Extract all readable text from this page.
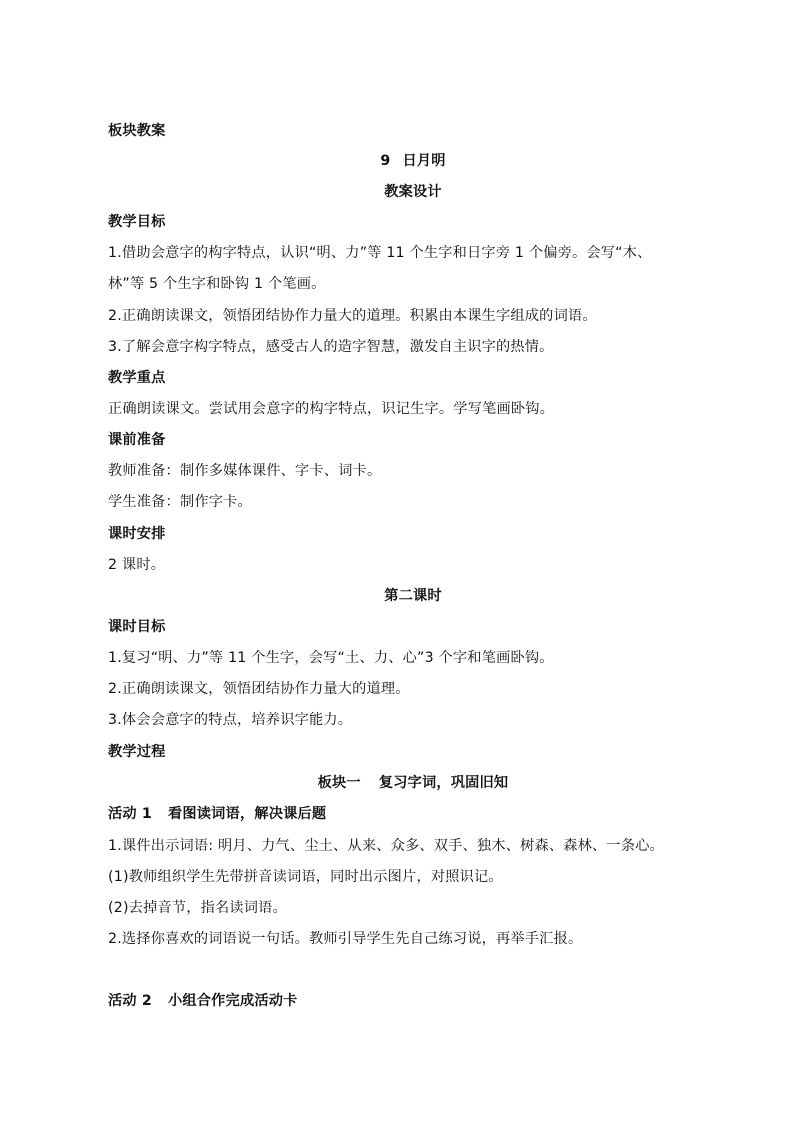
板块教案
9 日月明
教案设计
教学目标
1.借助会意字的构字特点，认识“明、力”等 11 个生字和日字旁 1 个偏旁。会写“木、
林”等 5 个生字和卧钩 1 个笔画。
2.正确朗读课文，领悟团结协作力量大的道理。积累由本课生字组成的词语。
3.了解会意字构字特点，感受古人的造字智慧，激发自主识字的热情。
教学重点
正确朗读课文。尝试用会意字的构字特点，识记生字。学写笔画卧钩。
课前准备
教师准备：制作多媒体课件、字卡、词卡。
学生准备：制作字卡。
课时安排
2 课时。
第二课时
课时目标
1.复习“明、力”等 11 个生字，会写“土、力、心”3 个字和笔画卧钩。
2.正确朗读课文，领悟团结协作力量大的道理。
3.体会会意字的特点，培养识字能力。
教学过程
板块一 复习字词，巩固旧知
活动 1 看图读词语，解决课后题
1.课件出示词语: 明月、力气、尘土、从来、众多、双手、独木、树森、森林、一条心。
(1)教师组织学生先带拼音读词语，同时出示图片，对照识记。
(2)去掉音节，指名读词语。
2.选择你喜欢的词语说一句话。教师引导学生先自己练习说，再举手汇报。
活动 2 小组合作完成活动卡
